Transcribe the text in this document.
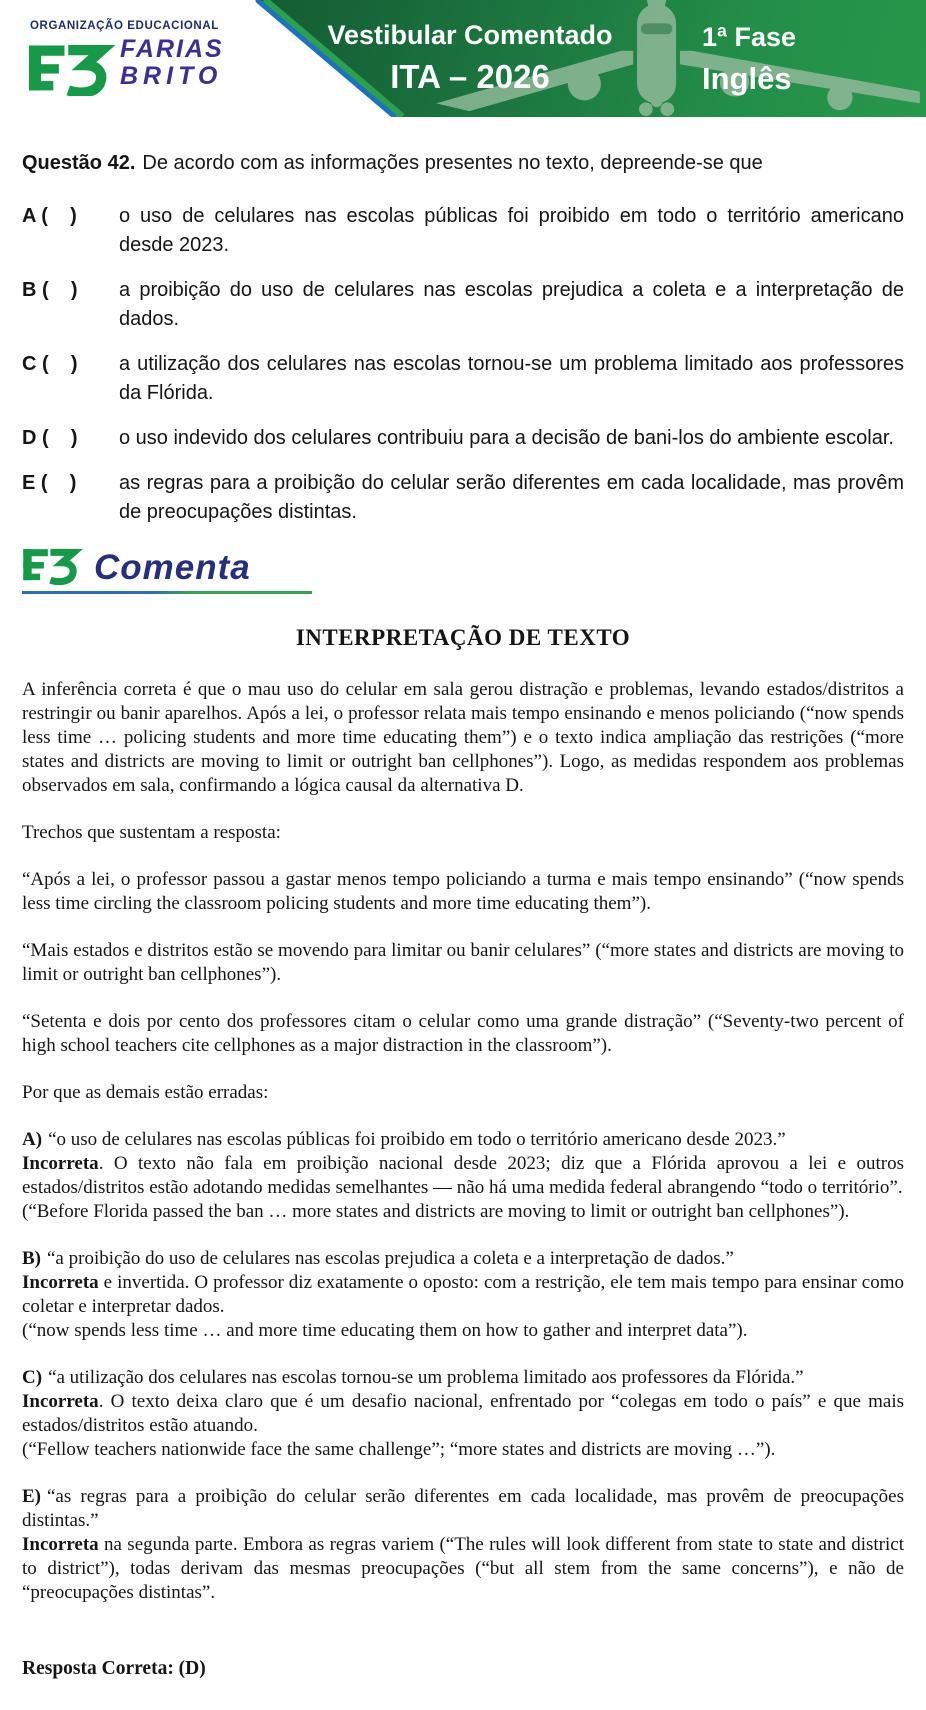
ORGANIZAÇÃO EDUCACIONAL
FARIAS
BRITO
Vestibular Comentado
ITA – 2026
1ª Fase
Inglês

Questão 42. De acordo com as informações presentes no texto, depreende-se que

A (    )	o uso de celulares nas escolas públicas foi proibido em todo o território americano desde 2023.
B (    )	a proibição do uso de celulares nas escolas prejudica a coleta e a interpretação de dados.
C (    )	a utilização dos celulares nas escolas tornou-se um problema limitado aos professores da Flórida.
D (    )	o uso indevido dos celulares contribuiu para a decisão de bani-los do ambiente escolar.
E (    )	as regras para a proibição do celular serão diferentes em cada localidade, mas provêm de preocupações distintas.
Comenta
INTERPRETAÇÃO DE TEXTO

A inferência correta é que o mau uso do celular em sala gerou distração e problemas, levando estados/distritos a restringir ou banir aparelhos. Após a lei, o professor relata mais tempo ensinando e menos policiando (“now spends less time … policing students and more time educating them”) e o texto indica ampliação das restrições (“more states and districts are moving to limit or outright ban cellphones”). Logo, as medidas respondem aos problemas observados em sala, confirmando a lógica causal da alternativa D.

Trechos que sustentam a resposta:

“Após a lei, o professor passou a gastar menos tempo policiando a turma e mais tempo ensinando” (“now spends less time circling the classroom policing students and more time educating them”).

“Mais estados e distritos estão se movendo para limitar ou banir celulares” (“more states and districts are moving to limit or outright ban cellphones”).

“Setenta e dois por cento dos professores citam o celular como uma grande distração” (“Seventy-two percent of high school teachers cite cellphones as a major distraction in the classroom”).

Por que as demais estão erradas:

A) “o uso de celulares nas escolas públicas foi proibido em todo o território americano desde 2023.”
Incorreta. O texto não fala em proibição nacional desde 2023; diz que a Flórida aprovou a lei e outros estados/distritos estão adotando medidas semelhantes — não há uma medida federal abrangendo “todo o território”.
(“Before Florida passed the ban … more states and districts are moving to limit or outright ban cellphones”).
B) “a proibição do uso de celulares nas escolas prejudica a coleta e a interpretação de dados.”
Incorreta e invertida. O professor diz exatamente o oposto: com a restrição, ele tem mais tempo para ensinar como coletar e interpretar dados.
(“now spends less time … and more time educating them on how to gather and interpret data”).
C) “a utilização dos celulares nas escolas tornou-se um problema limitado aos professores da Flórida.”
Incorreta. O texto deixa claro que é um desafio nacional, enfrentado por “colegas em todo o país” e que mais estados/distritos estão atuando.
(“Fellow teachers nationwide face the same challenge”; “more states and districts are moving …”).
E) “as regras para a proibição do celular serão diferentes em cada localidade, mas provêm de preocupações distintas.”
Incorreta na segunda parte. Embora as regras variem (“The rules will look different from state to state and district to district”), todas derivam das mesmas preocupações (“but all stem from the same concerns”), e não de “preocupações distintas”.
Resposta Correta: (D)
